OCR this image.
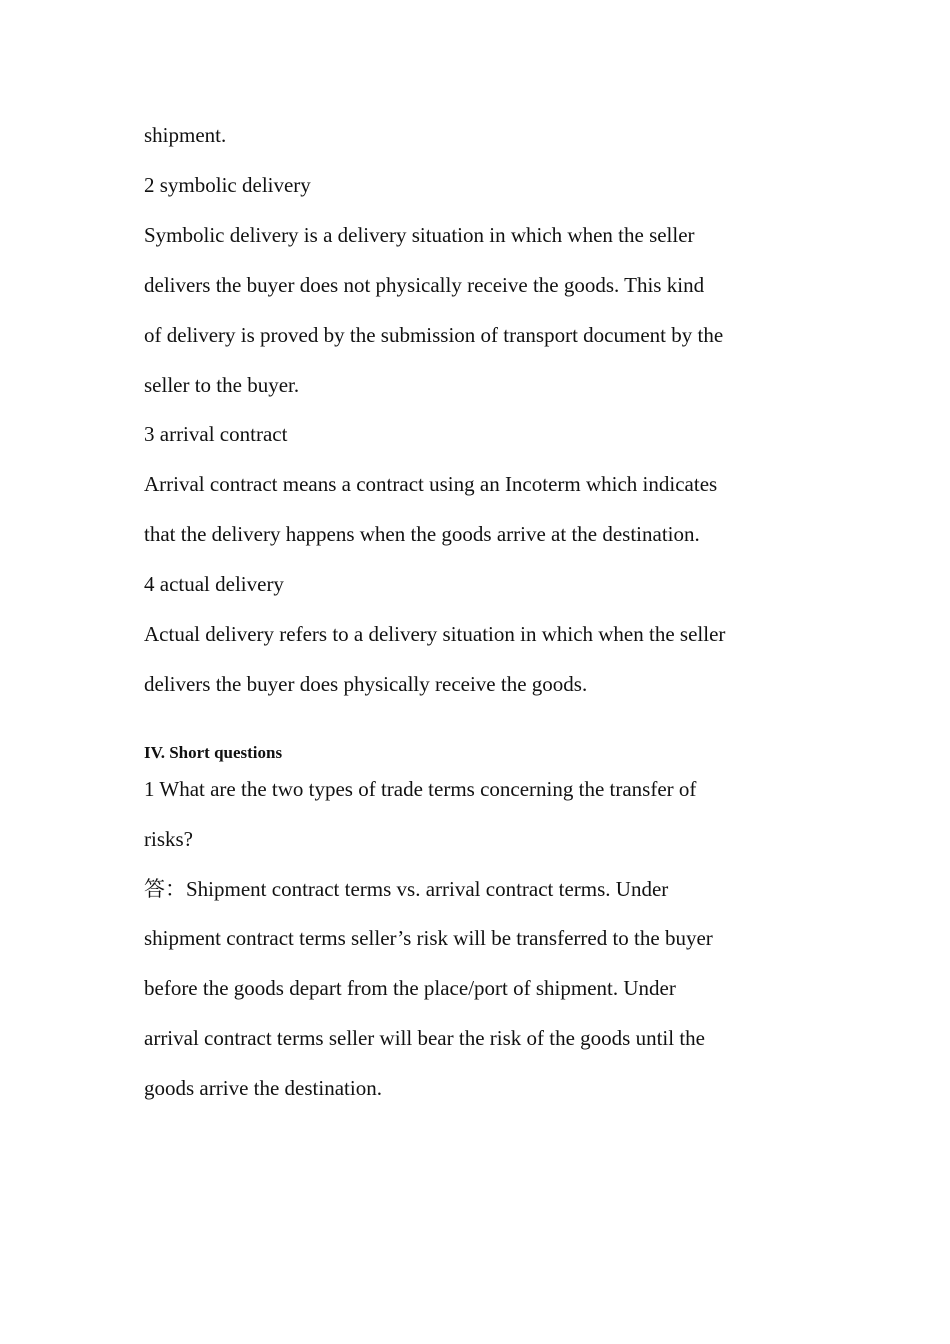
shipment.
2 symbolic delivery
Symbolic delivery is a delivery situation in which when the seller
delivers the buyer does not physically receive the goods. This kind
of delivery is proved by the submission of transport document by the
seller to the buyer.
3 arrival contract
Arrival contract means a contract using an Incoterm which indicates
that the delivery happens when the goods arrive at the destination.
4 actual delivery
Actual delivery refers to a delivery situation in which when the seller
delivers the buyer does physically receive the goods.
IV. Short questions
1 What are the two types of trade terms concerning the transfer of
risks?
答：Shipment contract terms vs. arrival contract terms. Under
shipment contract terms seller’s risk will be transferred to the buyer
before the goods depart from the place/port of shipment. Under
arrival contract terms seller will bear the risk of the goods until the
goods arrive the destination.
